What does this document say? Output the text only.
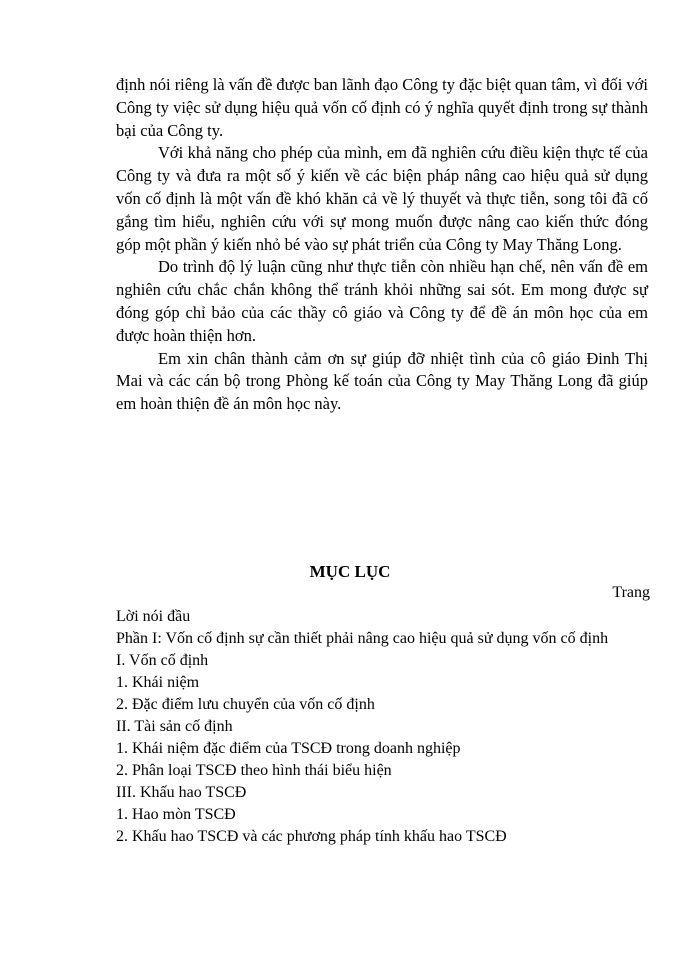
định nói riêng là vấn đề được ban lãnh đạo Công ty đặc biệt quan tâm, vì đối với Công ty việc sử dụng hiệu quả vốn cố định có ý nghĩa quyết định trong sự thành bại của Công ty.

Với khả năng cho phép của mình, em đã nghiên cứu điều kiện thực tế của Công ty và đưa ra một số ý kiến về các biện pháp nâng cao hiệu quả sử dụng vốn cố định là một vấn đề khó khăn cả về lý thuyết và thực tiễn, song tôi đã cố gắng tìm hiểu, nghiên cứu với sự mong muốn được nâng cao kiến thức đóng góp một phần ý kiến nhỏ bé vào sự phát triển của Công ty May Thăng Long.

Do trình độ lý luận cũng như thực tiễn còn nhiều hạn chế, nên vấn đề em nghiên cứu chắc chắn không thể tránh khỏi những sai sót. Em mong được sự đóng góp chỉ bảo của các thầy cô giáo và Công ty để đề án môn học của em được hoàn thiện hơn.

Em xin chân thành cảm ơn sự giúp đỡ nhiệt tình của cô giáo Đinh Thị Mai và các cán bộ trong Phòng kế toán của Công ty May Thăng Long đã giúp em hoàn thiện đề án môn học này.

MỤC LỤC
Trang
Lời nói đầu
Phần I: Vốn cố định sự cần thiết phải nâng cao hiệu quả sử dụng vốn cố định
I. Vốn cố định
1. Khái niệm
2. Đặc điểm lưu chuyển của vốn cố định
II. Tài sản cố định
1. Khái niệm đặc điểm của TSCĐ trong doanh nghiệp
2. Phân loại TSCĐ theo hình thái biểu hiện
III. Khấu hao TSCĐ
1. Hao mòn TSCĐ
2. Khấu hao TSCĐ và các phương pháp tính khấu hao TSCĐ
